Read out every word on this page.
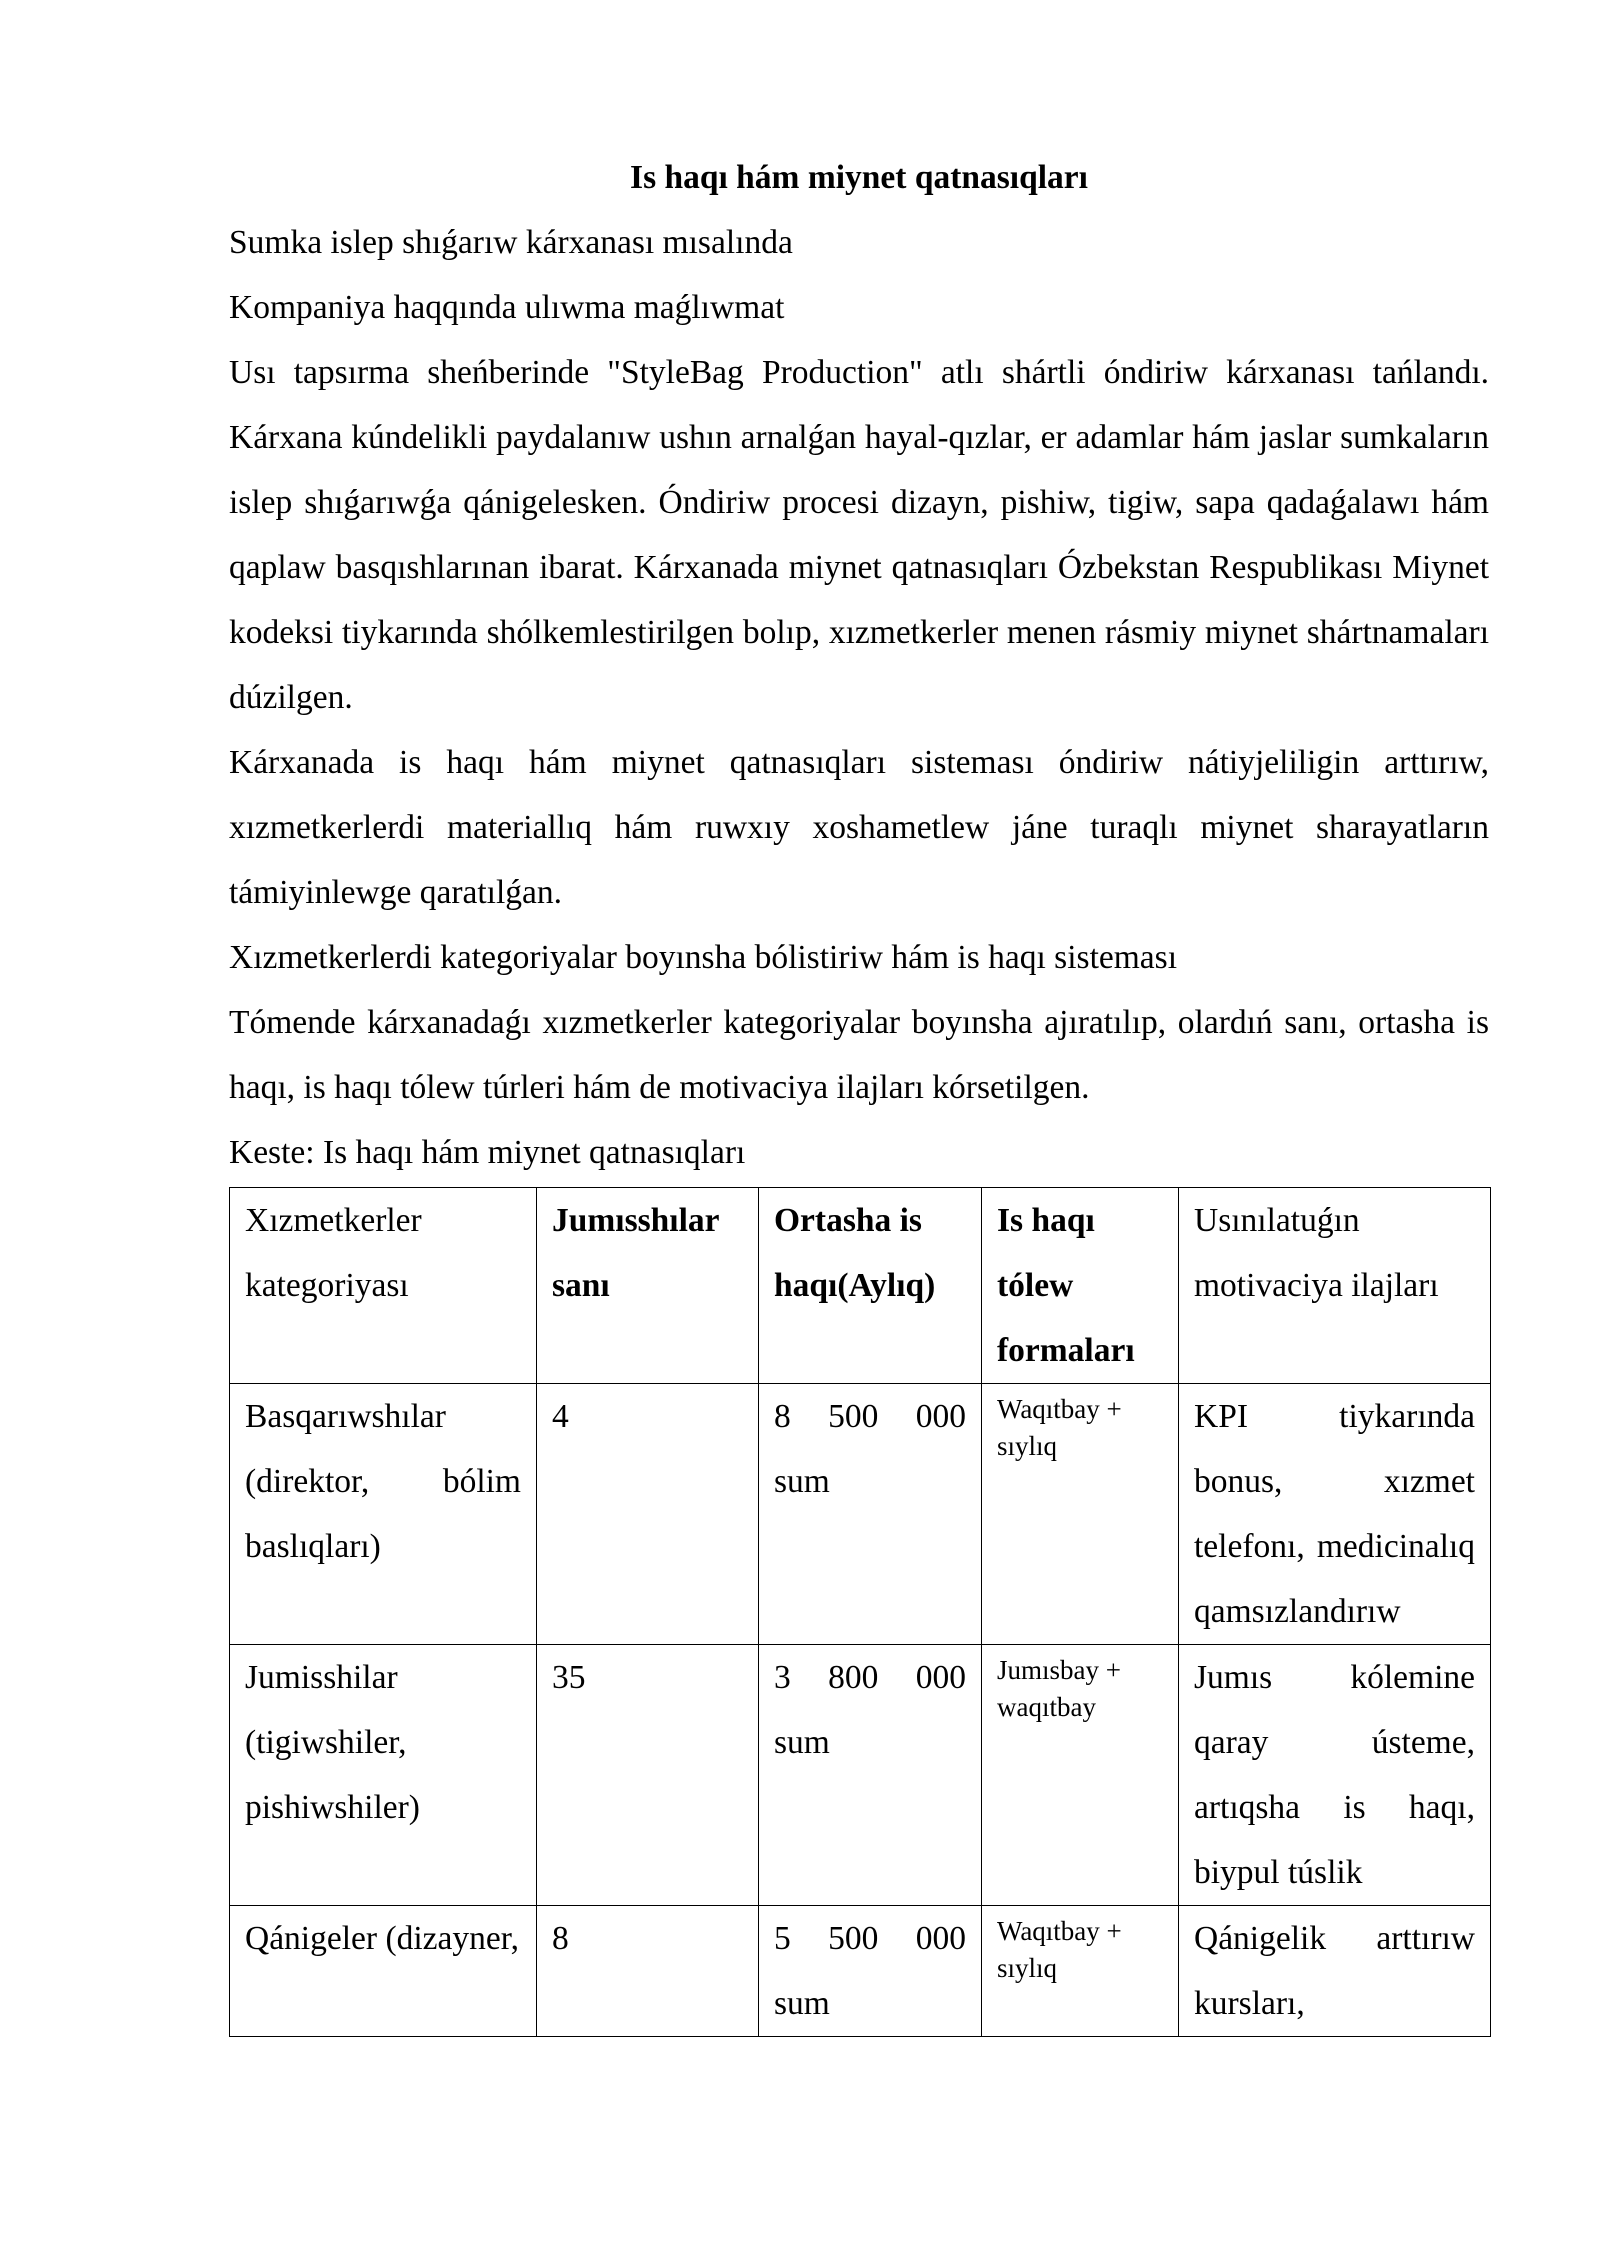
Is haqı hám miynet qatnasıqları

Sumka islep shıǵarıw kárxanası mısalında

Kompaniya haqqında ulıwma maǵlıwmat

Usı tapsırma sheńberinde "StyleBag Production" atlı shártli óndiriw kárxanası tańlandı. Kárxana kúndelikli paydalanıw ushın arnalǵan hayal-qızlar, er adamlar hám jaslar sumkaların islep shıǵarıwǵa qánigelesken. Óndiriw procesi dizayn, pishiw, tigiw, sapa qadaǵalawı hám qaplaw basqıshlarınan ibarat. Kárxanada miynet qatnasıqları Ózbekstan Respublikası Miynet kodeksi tiykarında shólkemlestirilgen bolıp, xızmetkerler menen rásmiy miynet shártnamaları dúzilgen.

Kárxanada is haqı hám miynet qatnasıqları sisteması óndiriw nátiyjeliligin arttırıw, xızmetkerlerdi materiallıq hám ruwxıy xoshametlew jáne turaqlı miynet sharayatların támiyinlewge qaratılǵan.

Xızmetkerlerdi kategoriyalar boyınsha bólistiriw hám is haqı sisteması

Tómende kárxanadaǵı xızmetkerler kategoriyalar boyınsha ajıratılıp, olardıń sanı, ortasha is haqı, is haqı tólew túrleri hám de motivaciya ilajları kórsetilgen.

Keste: Is haqı hám miynet qatnasıqları

Xızmetkerler kategoriyası	Jumısshılar sanı	Ortasha is haqı(Aylıq)	Is haqı tólew formaları	Usınılatuǵın motivaciya ilajları
Basqarıwshılar (direktor, bólim baslıqları)	4	8 500 000 sum	Waqıtbay + sıylıq	KPI tiykarında bonus, xızmet telefonı, medicinalıq qamsızlandırıw
Jumisshilar (tigiwshiler, pishiwshiler)	35	3 800 000 sum	Jumısbay + waqıtbay	Jumıs kólemine qaray ústeme, artıqsha is haqı, biypul túslik
Qánigeler (dizayner,	8	5 500 000 sum	Waqıtbay + sıylıq	Qánigelik arttırıw kursları,
